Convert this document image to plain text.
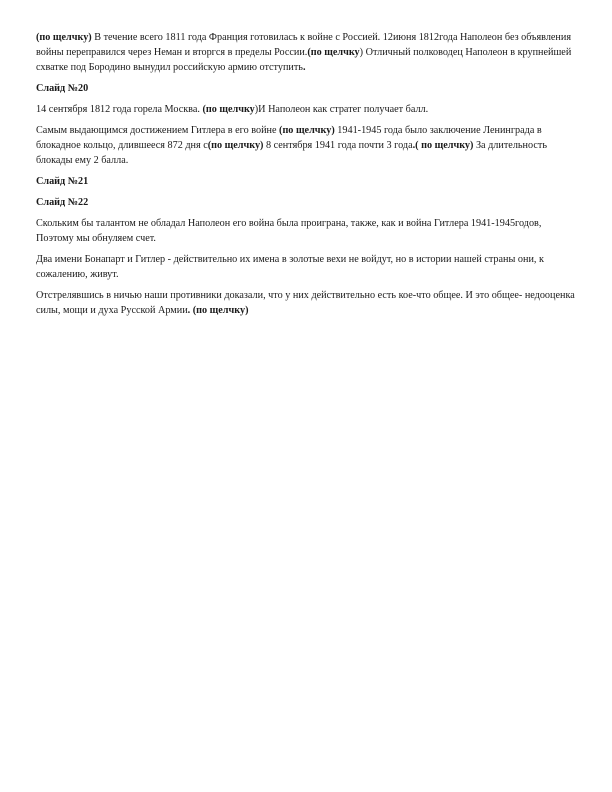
(по щелчку) В течение всего 1811 года Франция готовилась к войне с Россией. 12июня 1812года Наполеон без объявления войны переправился через Неман и вторгся в пределы России.(по щелчку) Отличный полководец Наполеон в крупнейшей схватке под Бородино вынудил российскую армию отступить.

Слайд №20

14 сентября 1812 года горела Москва. (по щелчку)И Наполеон как стратег получает балл.

Самым выдающимся достижением Гитлера в его войне (по щелчку) 1941-1945 года было заключение Ленинграда в блокадное кольцо, длившееся 872 дня с(по щелчку) 8 сентября 1941 года почти 3 года.( по щелчку) За длительность блокады ему 2 балла.

Слайд №21
Слайд №22

Скольким бы талантом не обладал Наполеон его война была проиграна, также, как и война Гитлера 1941-1945годов, Поэтому мы обнуляем счет.

Два имени Бонапарт и Гитлер - действительно их имена в золотые вехи не войдут, но в истории нашей страны они, к сожалению, живут.

Отстрелявшись в ничью наши противники доказали, что у них действительно есть кое-что общее. И это общее- недооценка силы, мощи и духа Русской Армии. (по щелчку)
